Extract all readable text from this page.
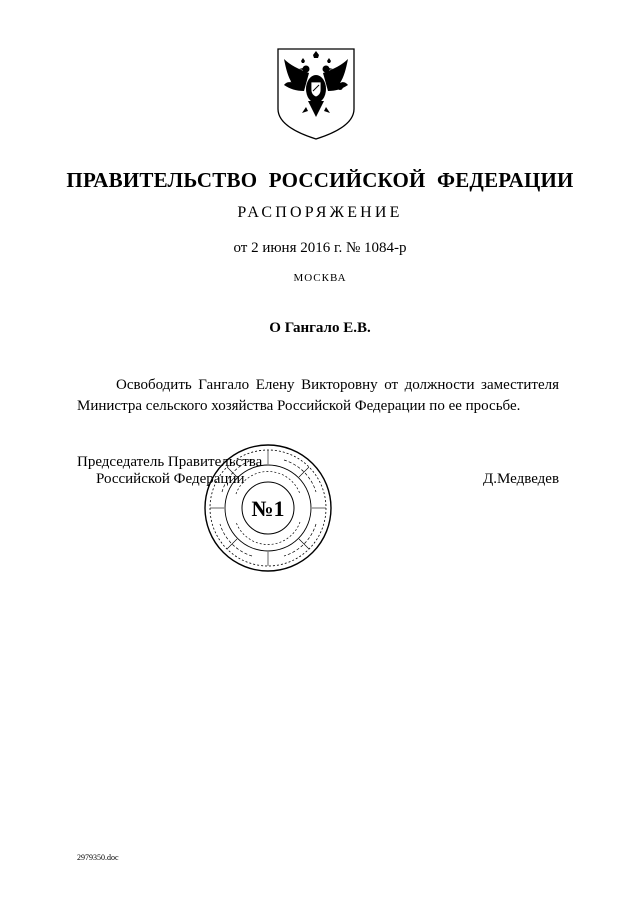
ПРАВИТЕЛЬСТВО РОССИЙСКОЙ ФЕДЕРАЦИИ
РАСПОРЯЖЕНИЕ
от 2 июня 2016 г. № 1084-р
МОСКВА
О Гангало Е.В.
Освободить Гангало Елену Викторовну от должности заместителя
Министра сельского хозяйства Российской Федерации по ее просьбе.
Председатель Правительства
Российской Федерации	Д.Медведев
№1
2979350.doc
